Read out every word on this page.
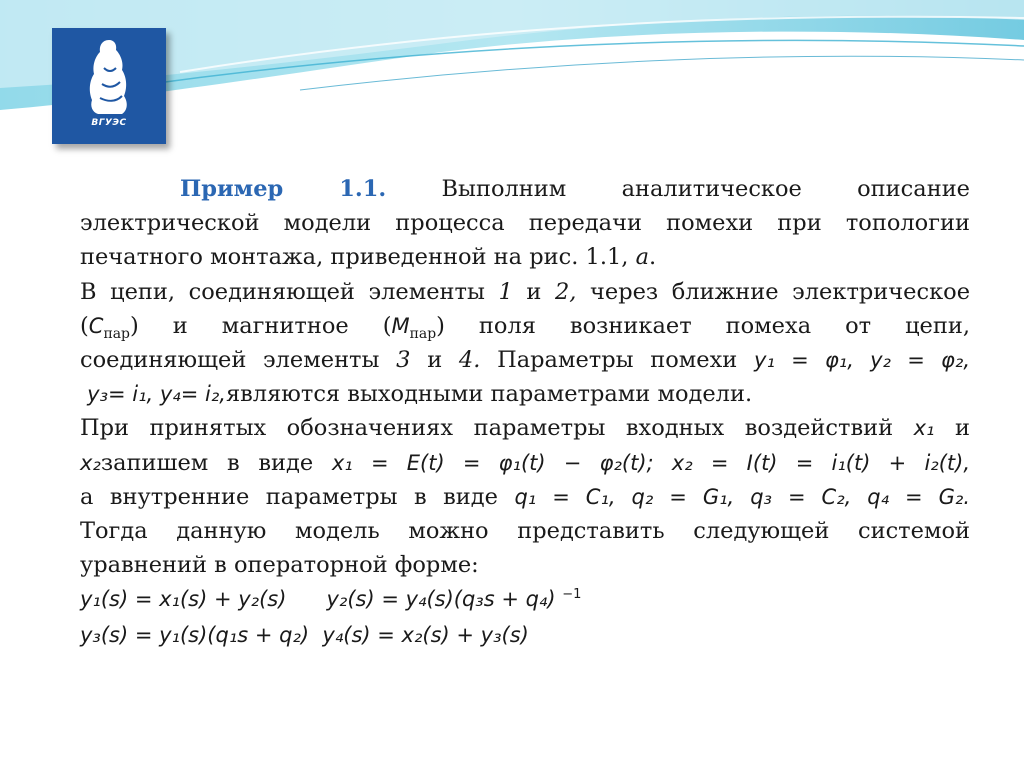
ВГУЭС
Пример 1.1. Выполним аналитическое описание
электрической модели процесса передачи помехи при топологии
печатного монтажа, приведенной на рис. 1.1, а.
В цепи, соединяющей элементы 1 и 2, через ближние электрическое
$(C_{пар})$ и магнитное $(M_{пар})$ поля возникает помеха от цепи,
соединяющей элементы 3 и 4. Параметры помехи y₁ = φ₁, y₂ = φ₂,
y₃= i₁, y₄= i₂,являются выходными параметрами модели.
При принятых обозначениях параметры входных воздействий x₁ и
x₂запишем в виде x₁ = E(t) = φ₁(t) − φ₂(t); x₂ = I(t) = i₁(t) + i₂(t),
а внутренние параметры в виде q₁ = C₁, q₂ = G₁, q₃ = C₂, q₄ = G₂.
Тогда данную модель можно представить следующей системой
уравнений в операторной форме:
y₁(s) = x₁(s) + y₂(s) y₂(s) = y₄(s)(q₃s + q₄) $^{-1}$
y₃(s) = y₁(s)(q₁s + q₂) y₄(s) = x₂(s) + y₃(s)
